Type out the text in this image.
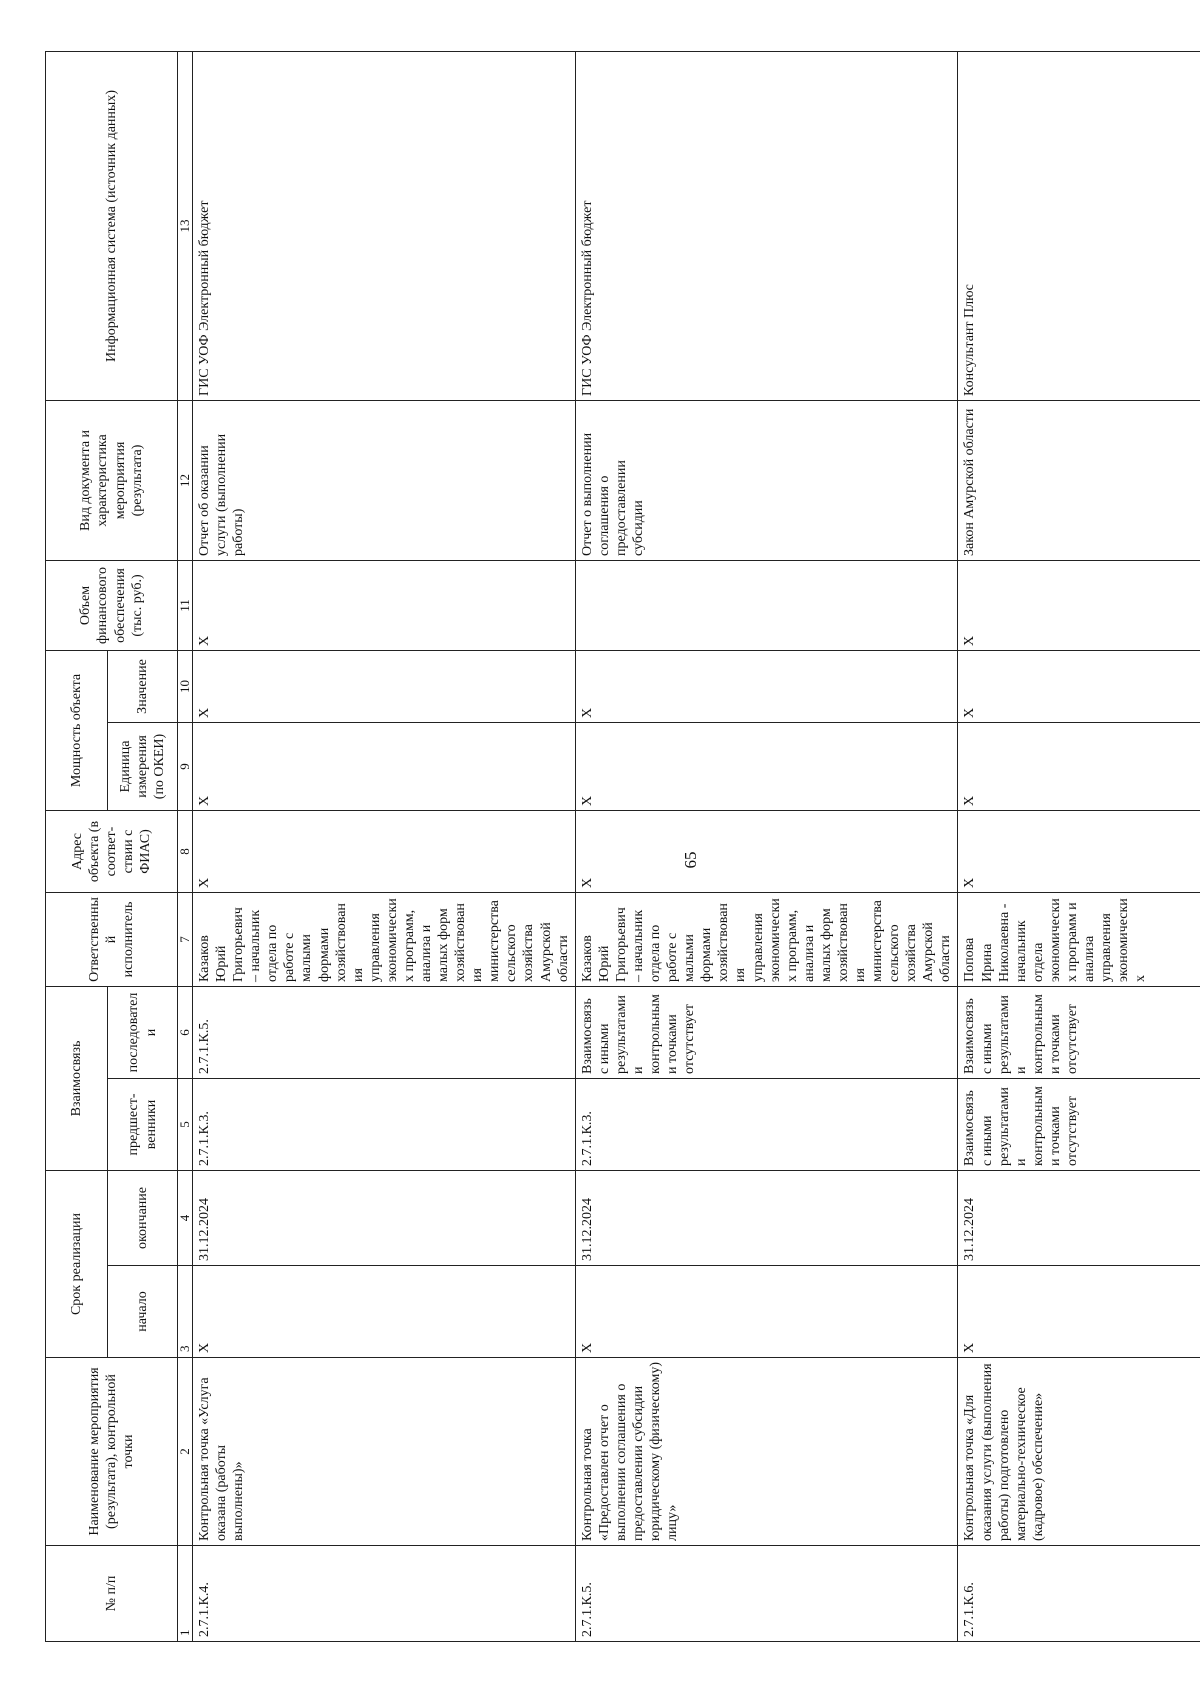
65
№ п/п	Наименование мероприятия (результата), контрольной точки	Срок реализации		Взаимосвязь		Ответственный исполнитель	Адрес объекта (в соответ-ствии с ФИАС)	Мощность объекта		Объем финансового обеспечения (тыс. руб.)	Вид документа и характеристика мероприятия (результата)	Информационная система (источник данных)
		начало	окончание	предшест-венники	последователи			Единица измерения (по ОКЕИ)	Значение			
1	2	3	4	5	6	7	8	9	10	11	12	13
2.7.1.К.4.	Контрольная точка «Услуга оказана (работы выполнены)»	Х	31.12.2024	2.7.1.К.3.	2.7.1.К.5.	Казаков Юрий Григорьевич – начальник отдела по работе с малыми формами хозяйствования управления экономических программ, анализа и малых форм хозяйствования министерства сельского хозяйства Амурской области	Х	Х	Х	Х	Отчет об оказании услуги (выполнении работы)	ГИС УОФ Электронный бюджет
2.7.1.К.5.	Контрольная точка «Предоставлен отчет о выполнении соглашения о предоставлении субсидии юридическому (физическому) лицу»	Х	31.12.2024	2.7.1.К.3.	Взаимосвязь с иными результатами и контрольными точками отсутствует	Казаков Юрий Григорьевич – начальник отдела по работе с малыми формами хозяйствования управления экономических программ, анализа и малых форм хозяйствования министерства сельского хозяйства Амурской области	Х	Х	Х		Отчет о выполнении соглашения о предоставлении субсидии	ГИС УОФ Электронный бюджет
2.7.1.К.6.	Контрольная точка «Для оказания услуги (выполнения работы) подготовлено материально-техническое (кадровое) обеспечение»	Х	31.12.2024	Взаимосвязь с иными результатами и контрольными точками отсутствует	Взаимосвязь с иными результатами и контрольными точками отсутствует	Попова Ирина Николаевна - начальник отдела экономических программ и анализа управления экономических	Х	Х	Х	Х	Закон Амурской области	Консультант Плюс
